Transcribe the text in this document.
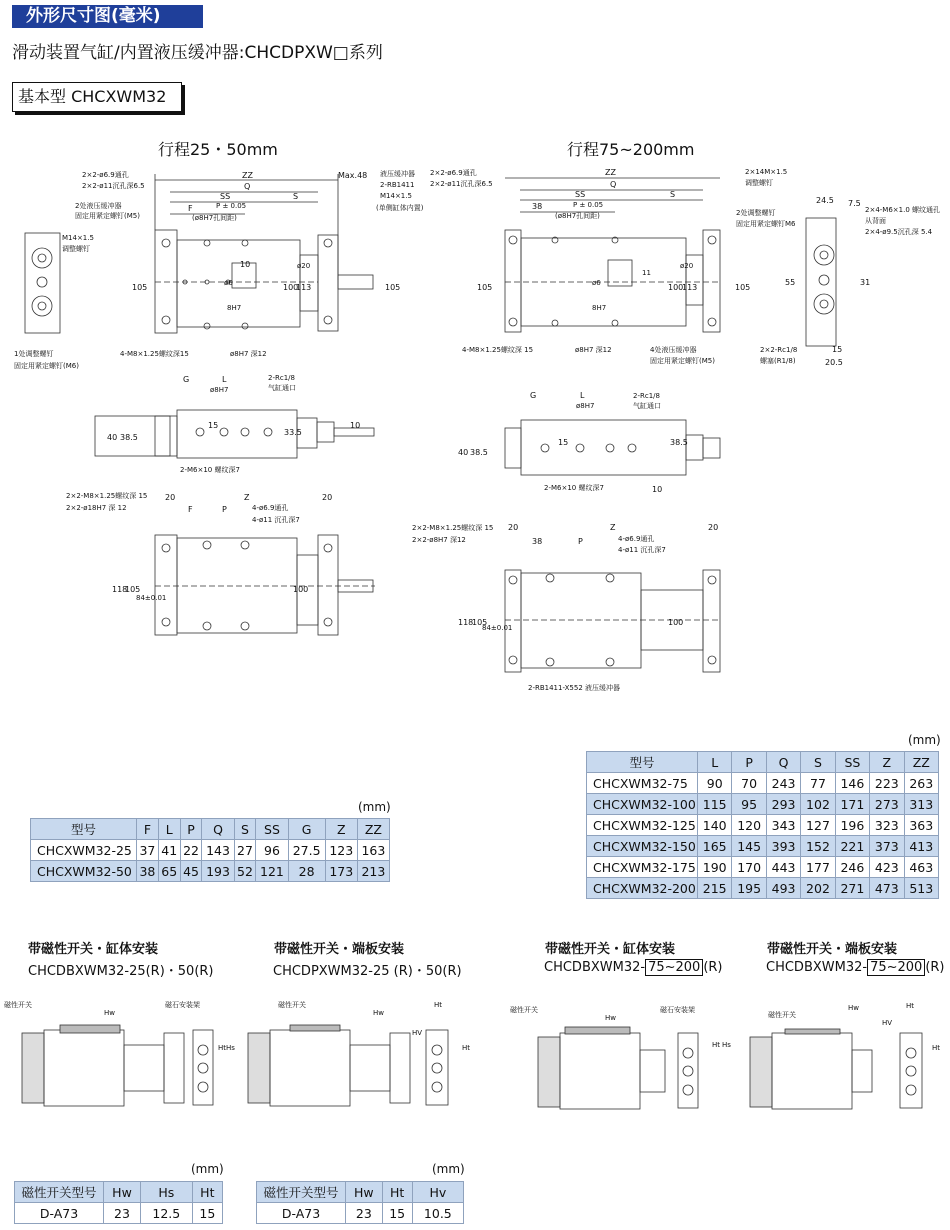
外形尺寸图(毫米)
滑动装置气缸/内置液压缓冲器:CHCDPXW□系列
基本型 CHCXWM32
行程25・50mm	行程75~200mm
2×2-ø6.9通孔
2×2-ø11沉孔深6.5
2处液压缓冲器
固定用紧定螺钉(M5)
ZZ
Q
SS	S
F	P ± 0.05
(ø8H7孔间距)
Max.48 液压缓冲器
2-RB1411
M14×1.5
(单侧缸体内置)
M14×1.5
调整螺钉
1处调整螺钉
固定用紧定螺钉(M6)
4-M8×1.25螺纹深15	ø8H7 深12
10
8H7
ø6
105	100
113
ø20
105
G	L
ø8H7
2-Rc1/8
气缸通口
40 38.5
15
33.5
10
2-M6×10 螺纹深7
2×2-M8×1.25螺纹深 15
2×2-ø18H7 深 12
20	Z	20
F	P	4-ø6.9通孔
4-ø11 沉孔深7
118
105
84±0.01
100
2×2-ø6.9通孔
2×2-ø11沉孔深6.5
ZZ
Q
SS	S
38	P ± 0.05
(ø8H7孔间距)
2×14M×1.5
调整螺钉
2处调整螺钉
固定用紧定螺钉M6
24.5 7.5
2×4-M6×1.0 螺纹通孔
从背面
2×4-ø9.5沉孔深 5.4
105	100
113
ø20
11
ø6
8H7
105
4-M8×1.25螺纹深 15	ø8H7 深12	4处液压缓冲器
固定用紧定螺钉(M5)
55	31
2×2-Rc1/8
螺塞(R1/8)
15
20.5
G	L
ø8H7
2-Rc1/8
气缸通口
40 38.5
15	38.5
2-M6×10 螺纹深7	10
2×2-M8×1.25螺纹深 15
2×2-ø8H7 深12
20	Z	20
38	P	4-ø6.9通孔
4-ø11 沉孔深7
118
105
84±0.01
100
2-RB1411-X552 液压缓冲器
(mm)
型号	F	L	P	Q	S	SS	G	Z	ZZ
CHCXWM32-25	37	41	22	143	27	96	27.5	123	163
CHCXWM32-50	38	65	45	193	52	121	28	173	213
(mm)
型号	L	P	Q	S	SS	Z	ZZ
CHCXWM32-75	90	70	243	77	146	223	263
CHCXWM32-100	115	95	293	102	171	273	313
CHCXWM32-125	140	120	343	127	196	323	363
CHCXWM32-150	165	145	393	152	221	373	413
CHCXWM32-175	190	170	443	177	246	423	463
CHCXWM32-200	215	195	493	202	271	473	513
带磁性开关・缸体安装
CHCDBXWM32-25(R)・50(R)
带磁性开关・端板安装
CHCDPXWM32-25 (R)・50(R)
带磁性开关・缸体安装
CHCDBXWM32- 75~200 (R)
带磁性开关・端板安装
CHCDBXWM32- 75~200 (R)
磁性开关	磁石安装架
Hw
Ht Hs
磁性开关
Hw
Ht
HV
Ht
磁性开关	磁石安装架
Hw
Ht Hs
磁性开关
Hw	Ht
HV
Ht
(mm)
磁性开关型号	Hw	Hs	Ht
D-A73	23	12.5	15
(mm)
磁性开关型号	Hw	Ht	Hv
D-A73	23	15	10.5
